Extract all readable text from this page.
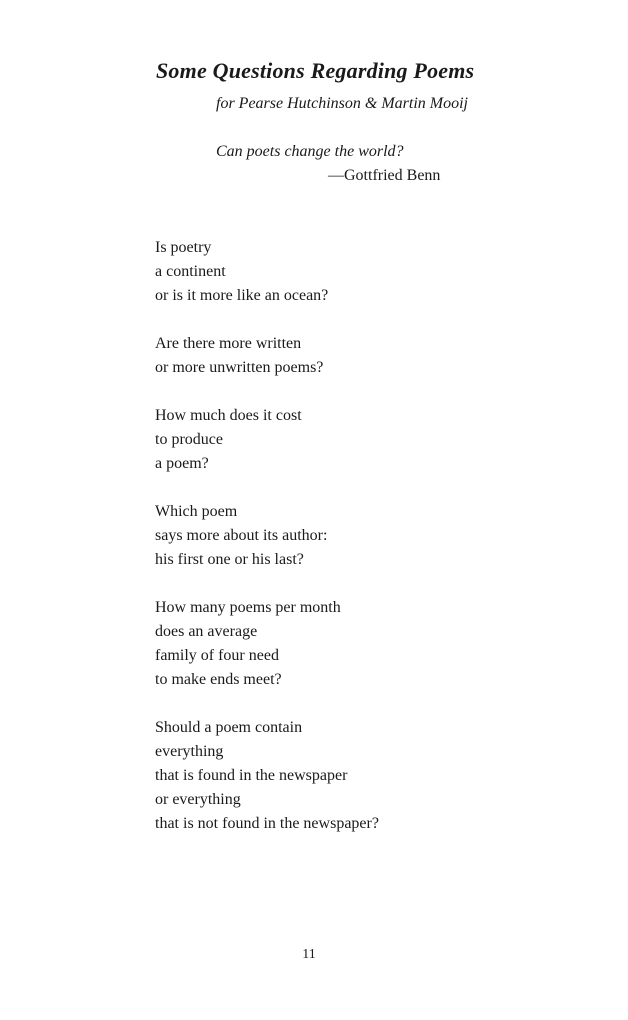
Some Questions Regarding Poems
for Pearse Hutchinson & Martin Mooij
Can poets change the world?
—Gottfried Benn
Is poetry
a continent
or is it more like an ocean?
Are there more written
or more unwritten poems?
How much does it cost
to produce
a poem?
Which poem
says more about its author:
his first one or his last?
How many poems per month
does an average
family of four need
to make ends meet?
Should a poem contain
everything
that is found in the newspaper
or everything
that is not found in the newspaper?
11
